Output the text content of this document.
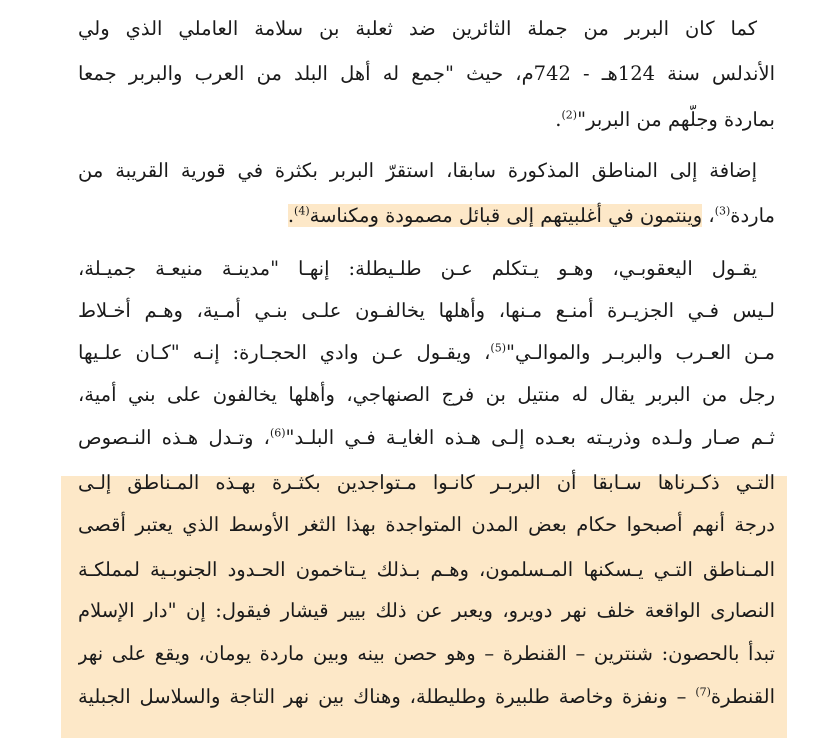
كما كان البربر من جملة الثائرين ضد ثعلبة بن سلامة العاملي الذي ولي
الأندلس سنة 124هـ - 742م، حيث "جمع له أهل البلد من العرب والبربر جمعا
بماردة وجلّهم من البربر"$^{(2)}$.
إضافة إلى المناطق المذكورة سابقا، استقرّ البربر بكثرة في قورية القريبة من
ماردة$^{(3)}$، وينتمون في أغلبيتهم إلى قبائل مصمودة ومكناسة$^{(4)}$.
يقـول اليعقوبـي، وهـو يـتكلم عـن طلـيطلة: إنهـا "مدينـة منيعـة جميـلة،
لـيس فـي الجزيـرة أمنـع مـنها، وأهلها يخالفـون علـى بنـي أمـية، وهـم أخـلاط
مـن العـرب والبربـر والموالـي"$^{(5)}$، ويقـول عـن وادي الحجـارة: إنـه "كـان علـيها
رجل من البربر يقال له منتيل بن فرج الصنهاجي، وأهلها يخالفون على بني أمية،
ثـم صـار ولـده وذريـته بعـده إلـى هـذه الغايـة فـي البلـد"$^{(6)}$، وتـدل هـذه النـصوص
التـي ذكـرناها سـابقا أن البربـر كانـوا مـتواجدين بكثـرة بهـذه المـناطق إلـى
درجة أنهم أصبحوا حكام بعض المدن المتواجدة بهذا الثغر الأوسط الذي يعتبر أقصى
المـناطق التـي يـسكنها المـسلمون، وهـم بـذلك يـتاخمون الحـدود الجنوبـية لمملكـة
النصارى الواقعة خلف نهر دويرو، ويعبر عن ذلك بيير قيشار فيقول: إن "دار الإسلام
تبدأ بالحصون: شنترين – القنطرة – وهو حصن بينه وبين ماردة يومان، ويقع على نهر
القنطرة$^{(7)}$ – ونفزة وخاصة طلبيرة وطليطلة، وهناك بين نهر التاجة والسلاسل الجبلية
